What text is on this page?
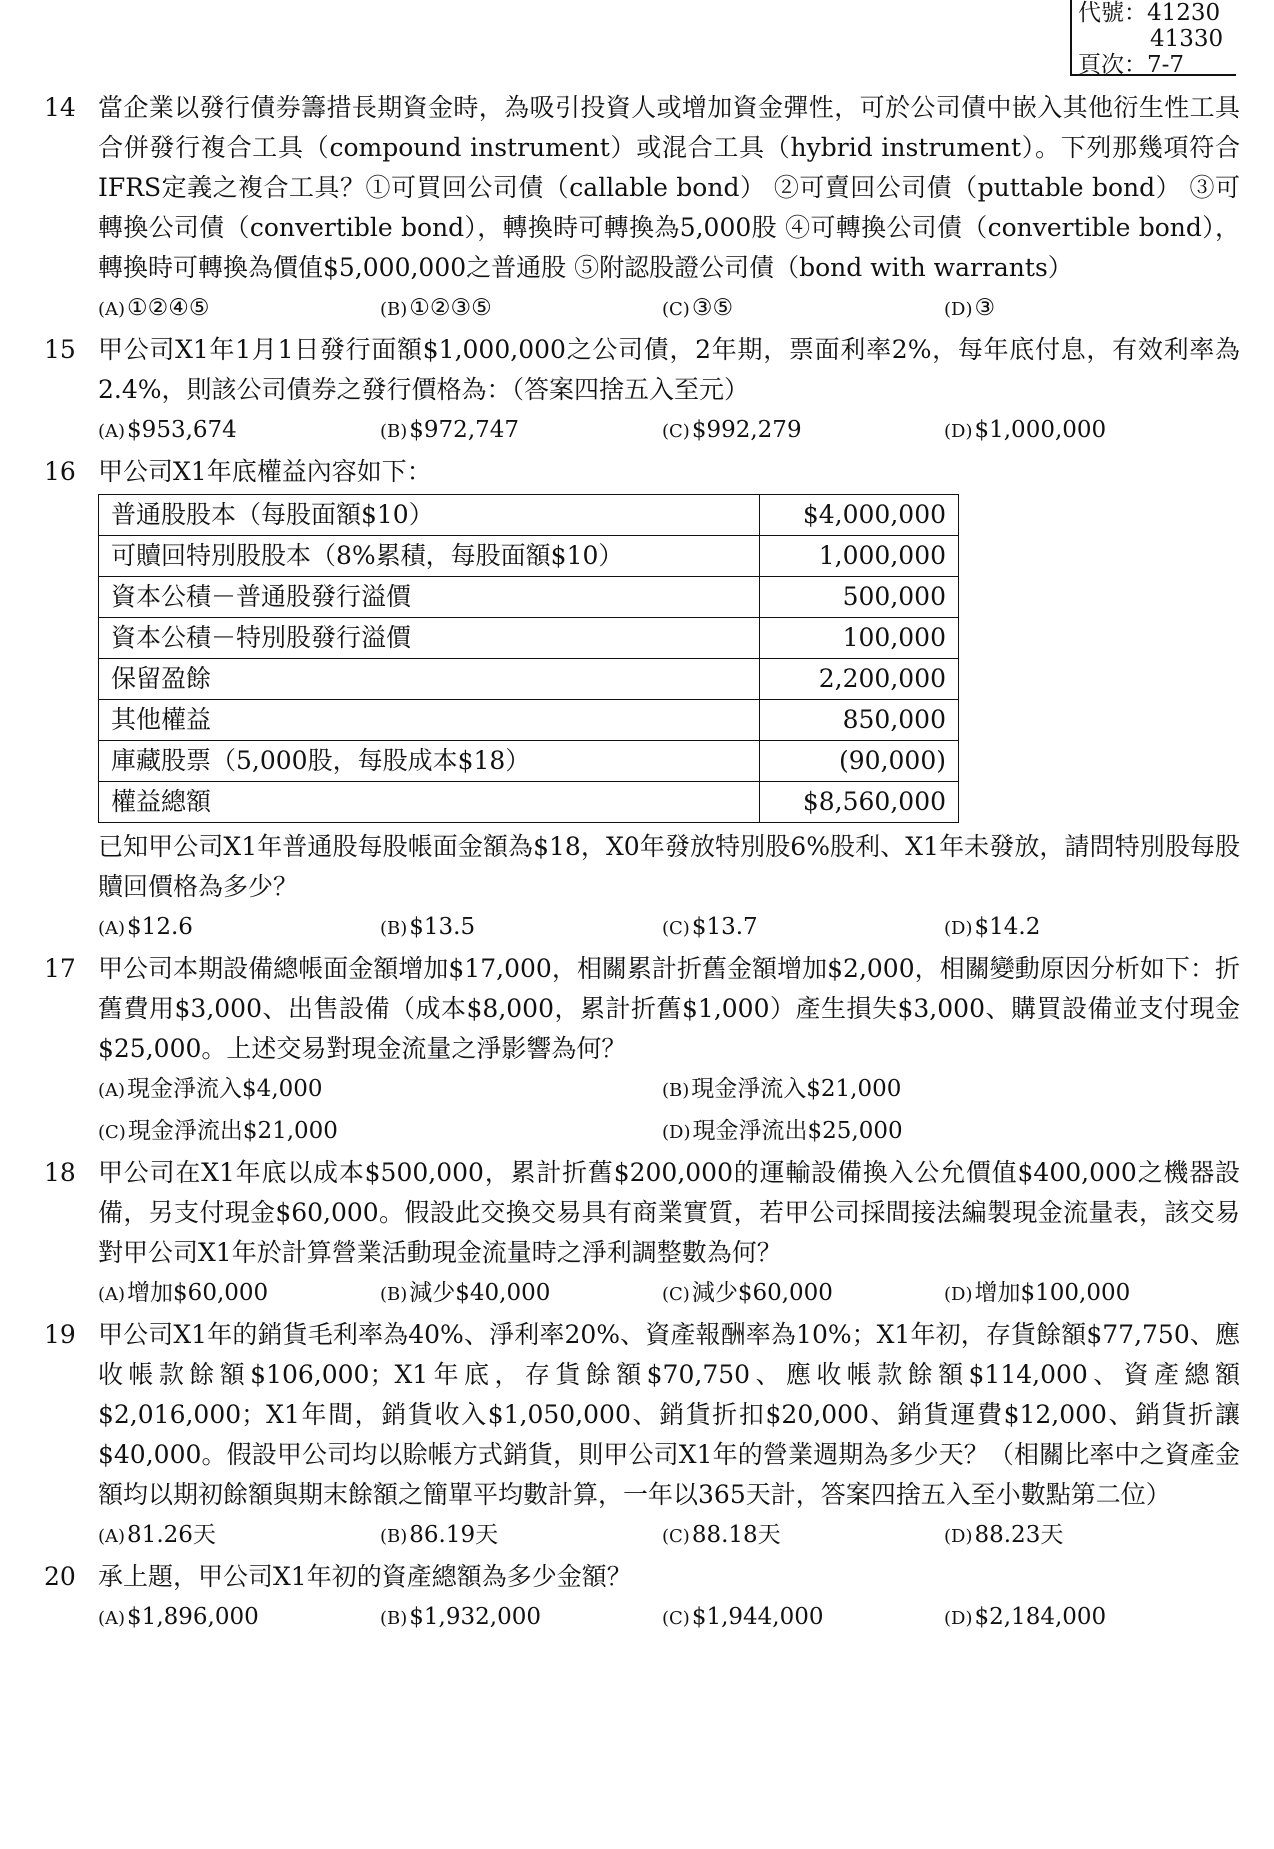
代號：41230
41330
頁次：7-7
14 當企業以發行債券籌措長期資金時，為吸引投資人或增加資金彈性，可於公司債中嵌入其他衍生性工具合併發行複合工具（compound instrument）或混合工具（hybrid instrument）。下列那幾項符合IFRS定義之複合工具？①可買回公司債（callable bond） ②可賣回公司債（puttable bond） ③可轉換公司債（convertible bond），轉換時可轉換為5,000股 ④可轉換公司債（convertible bond），轉換時可轉換為價值$5,000,000之普通股 ⑤附認股證公司債（bond with warrants）

(A)①②④⑤	(B)①②③⑤	(C)③⑤	(D)③
15 甲公司X1年1月1日發行面額$1,000,000之公司債，2年期，票面利率2%，每年底付息，有效利率為2.4%，則該公司債券之發行價格為：（答案四捨五入至元）

(A)$953,674	(B)$972,747	(C)$992,279	(D)$1,000,000
16 甲公司X1年底權益內容如下：

普通股股本（每股面額$10）	$4,000,000
可贖回特別股股本（8%累積，每股面額$10）	1,000,000
資本公積－普通股發行溢價	500,000
資本公積－特別股發行溢價	100,000
保留盈餘	2,200,000
其他權益	850,000
庫藏股票（5,000股，每股成本$18）	(90,000)
權益總額	$8,560,000

已知甲公司X1年普通股每股帳面金額為$18，X0年發放特別股6%股利、X1年未發放，請問特別股每股贖回價格為多少？

(A)$12.6	(B)$13.5	(C)$13.7	(D)$14.2
17 甲公司本期設備總帳面金額增加$17,000，相關累計折舊金額增加$2,000，相關變動原因分析如下：折舊費用$3,000、出售設備（成本$8,000，累計折舊$1,000）產生損失$3,000、購買設備並支付現金$25,000。上述交易對現金流量之淨影響為何？

(A)現金淨流入$4,000	(B)現金淨流入$21,000
(C)現金淨流出$21,000	(D)現金淨流出$25,000
18 甲公司在X1年底以成本$500,000，累計折舊$200,000的運輸設備換入公允價值$400,000之機器設備，另支付現金$60,000。假設此交換交易具有商業實質，若甲公司採間接法編製現金流量表，該交易對甲公司X1年於計算營業活動現金流量時之淨利調整數為何？

(A)增加$60,000	(B)減少$40,000	(C)減少$60,000	(D)增加$100,000
19 甲公司X1年的銷貨毛利率為40%、淨利率20%、資產報酬率為10%；X1年初，存貨餘額$77,750、應收帳款餘額$106,000；X1年底，存貨餘額$70,750、應收帳款餘額$114,000、資產總額$2,016,000；X1年間，銷貨收入$1,050,000、銷貨折扣$20,000、銷貨運費$12,000、銷貨折讓$40,000。假設甲公司均以賒帳方式銷貨，則甲公司X1年的營業週期為多少天？（相關比率中之資產金額均以期初餘額與期末餘額之簡單平均數計算，一年以365天計，答案四捨五入至小數點第二位）

(A)81.26天	(B)86.19天	(C)88.18天	(D)88.23天
20 承上題，甲公司X1年初的資產總額為多少金額？

(A)$1,896,000	(B)$1,932,000	(C)$1,944,000	(D)$2,184,000
